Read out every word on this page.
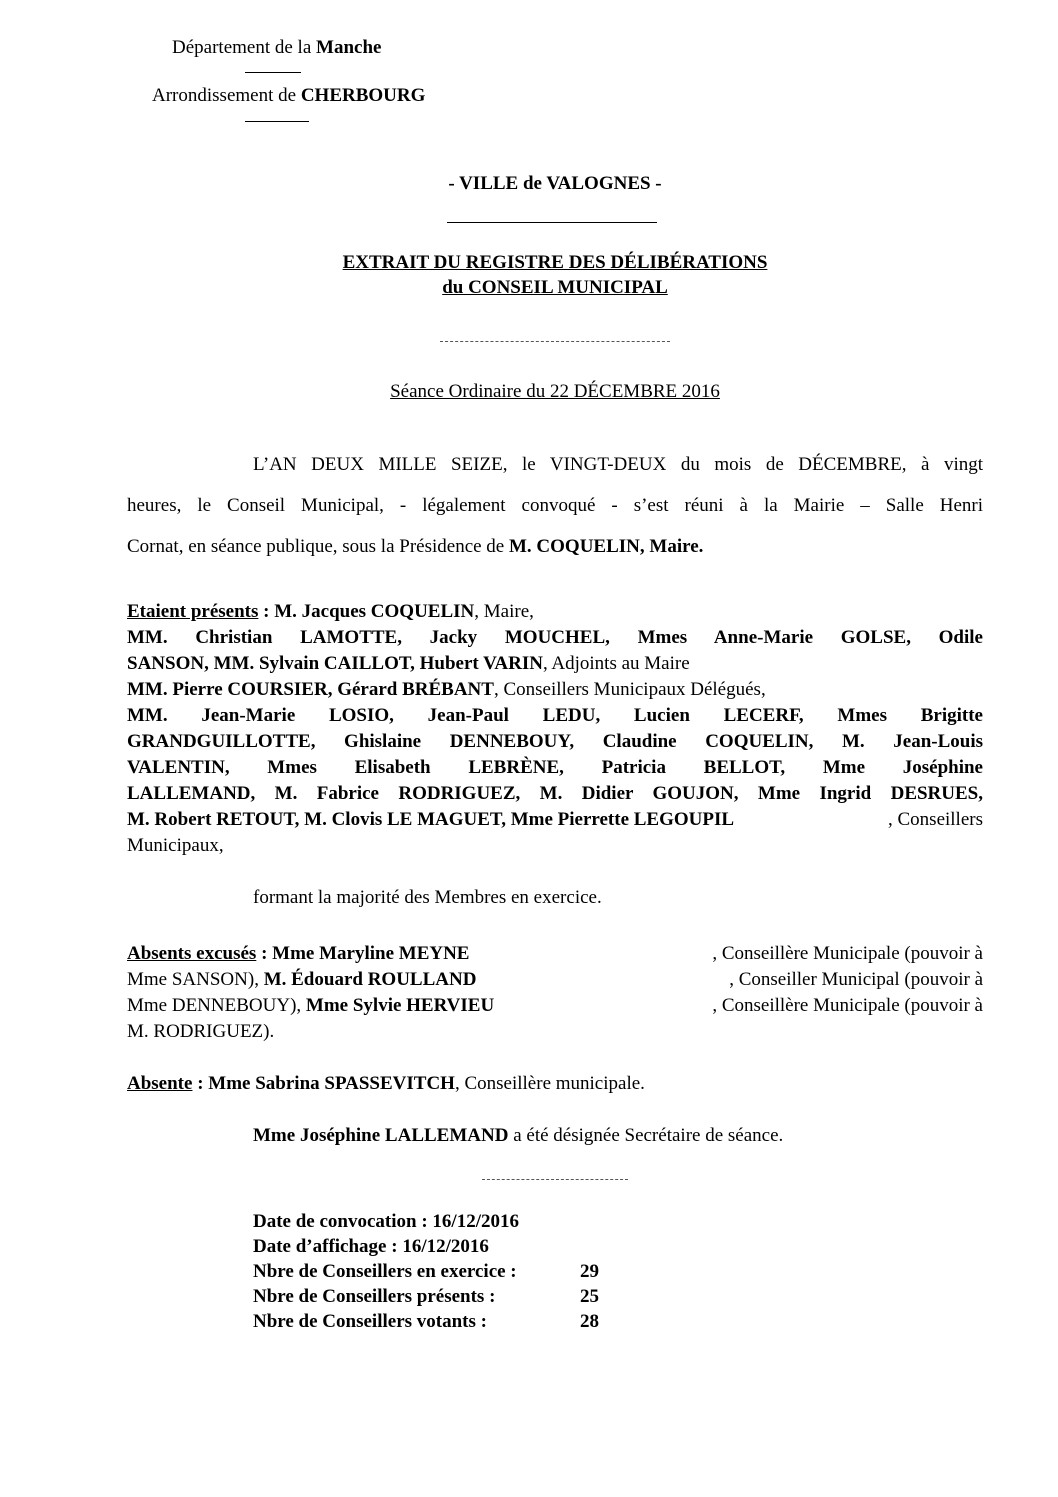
Département de la Manche
Arrondissement de CHERBOURG
- VILLE de VALOGNES -
EXTRAIT DU REGISTRE DES DÉLIBÉRATIONS
du CONSEIL MUNICIPAL
Séance Ordinaire du 22 DÉCEMBRE 2016
L’AN DEUX MILLE SEIZE, le VINGT-DEUX du mois de DÉCEMBRE, à vingt
heures, le Conseil Municipal, - légalement convoqué - s’est réuni à la Mairie – Salle Henri
Cornat, en séance publique, sous la Présidence de M. COQUELIN, Maire.
Etaient présents : M. Jacques COQUELIN, Maire,
MM. Christian LAMOTTE, Jacky MOUCHEL, Mmes Anne-Marie GOLSE, Odile
SANSON, MM. Sylvain CAILLOT, Hubert VARIN, Adjoints au Maire
MM. Pierre COURSIER, Gérard BRÉBANT, Conseillers Municipaux Délégués,
MM. Jean-Marie LOSIO, Jean-Paul LEDU, Lucien LECERF, Mmes Brigitte
GRANDGUILLOTTE, Ghislaine DENNEBOUY, Claudine COQUELIN, M. Jean-Louis
VALENTIN, Mmes Elisabeth LEBRÈNE, Patricia BELLOT, Mme Joséphine
LALLEMAND, M. Fabrice RODRIGUEZ, M. Didier GOUJON, Mme Ingrid DESRUES,
M. Robert RETOUT, M. Clovis LE MAGUET, Mme Pierrette LEGOUPIL	, Conseillers
Municipaux,
formant la majorité des Membres en exercice.
Absents excusés : Mme Maryline MEYNE	, Conseillère Municipale (pouvoir à
Mme SANSON), M. Édouard ROULLAND	, Conseiller Municipal (pouvoir à
Mme DENNEBOUY), Mme Sylvie HERVIEU	, Conseillère Municipale (pouvoir à
M. RODRIGUEZ).
Absente : Mme Sabrina SPASSEVITCH, Conseillère municipale.
Mme Joséphine LALLEMAND a été désignée Secrétaire de séance.
Date de convocation : 16/12/2016
Date d’affichage : 16/12/2016
Nbre de Conseillers en exercice :	29
Nbre de Conseillers présents :	25
Nbre de Conseillers votants :	28
